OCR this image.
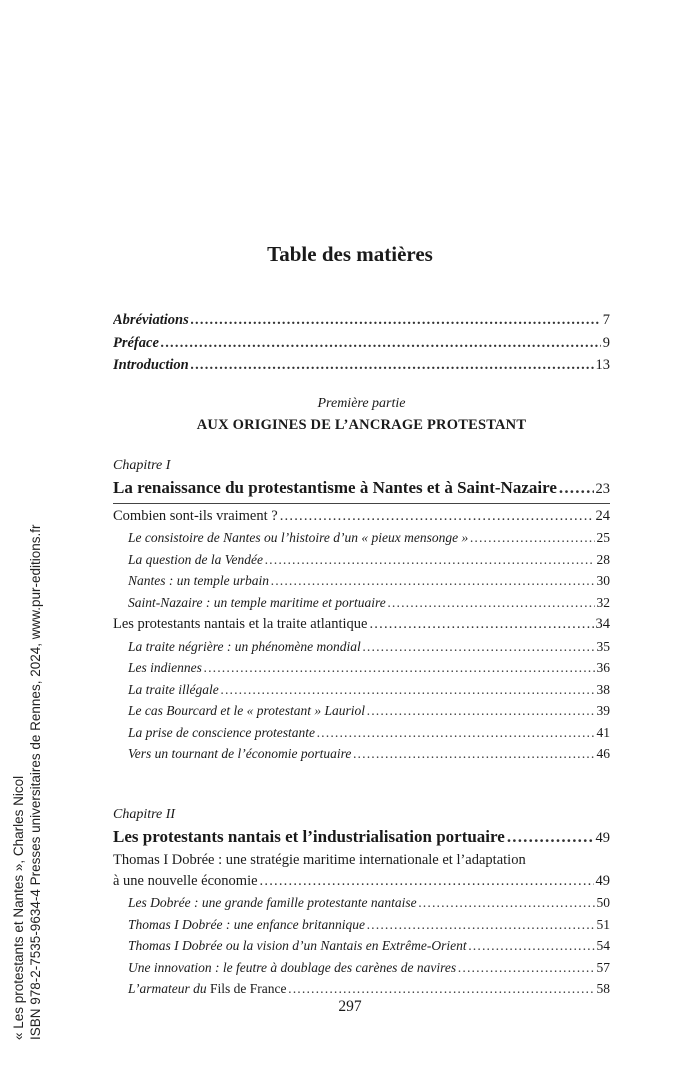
« Les protestants et Nantes », Charles Nicol ISBN 978-2-7535-9634-4 Presses universitaires de Rennes, 2024, www.pur-editions.fr
Table des matières
Abréviations .....	7
Préface .....	9
Introduction .....	13
Première partie
AUX ORIGINES DE L’ANCRAGE PROTESTANT
Chapitre I
La renaissance du protestantisme à Nantes et à Saint-Nazaire .....	23
Combien sont-ils vraiment ? .....	24
Le consistoire de Nantes ou l’histoire d’un « pieux mensonge » .....	25
La question de la Vendée .....	28
Nantes : un temple urbain .....	30
Saint-Nazaire : un temple maritime et portuaire .....	32
Les protestants nantais et la traite atlantique .....	34
La traite négrière : un phénomène mondial .....	35
Les indiennes .....	36
La traite illégale .....	38
Le cas Bourcard et le « protestant » Lauriol .....	39
La prise de conscience protestante .....	41
Vers un tournant de l’économie portuaire .....	46
Chapitre II
Les protestants nantais et l’industrialisation portuaire .....	49
Thomas I Dobrée : une stratégie maritime internationale et l’adaptation
à une nouvelle économie .....	49
Les Dobrée : une grande famille protestante nantaise .....	50
Thomas I Dobrée : une enfance britannique .....	51
Thomas I Dobrée ou la vision d’un Nantais en Extrême-Orient .....	54
Une innovation : le feutre à doublage des carènes de navires .....	57
L’armateur du Fils de France .....	58
297
